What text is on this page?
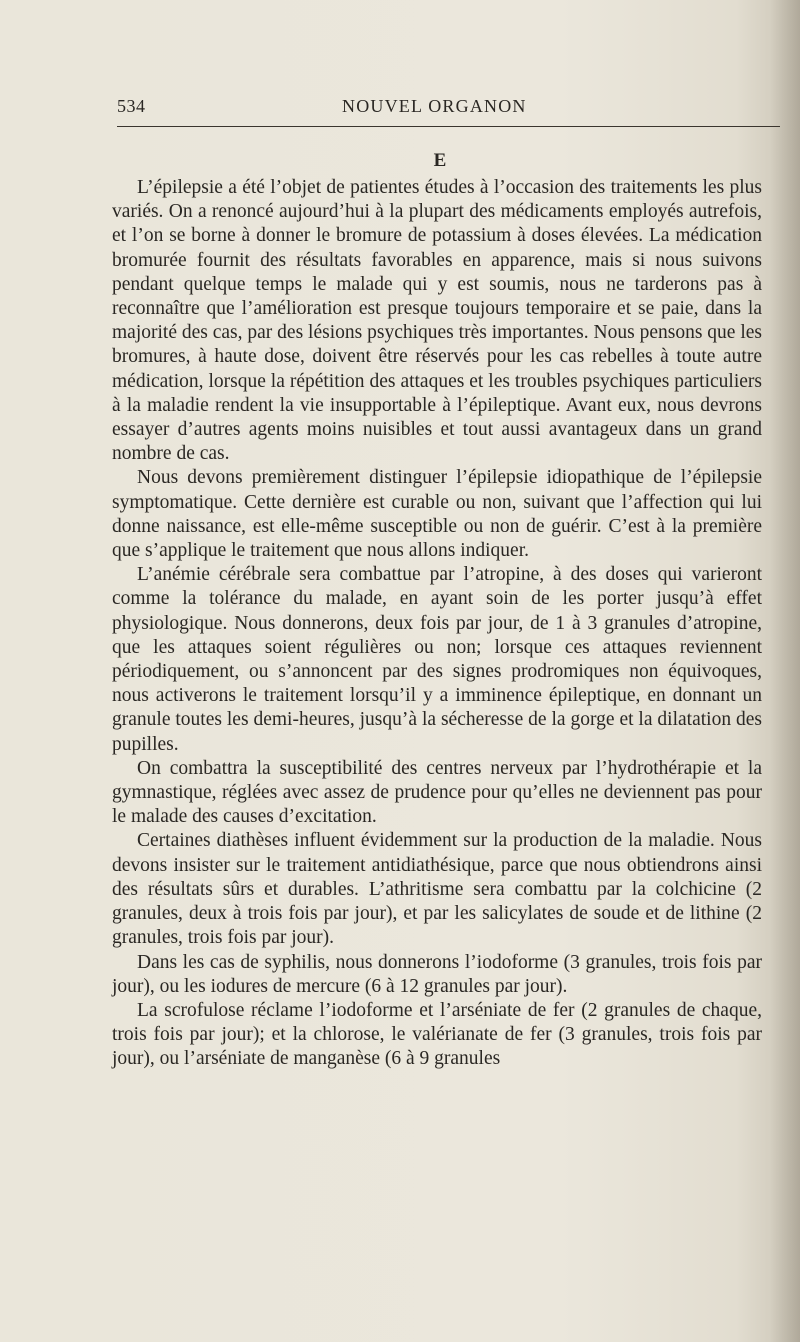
534	NOUVEL ORGANON
E

L’épilepsie a été l’objet de patientes études à l’occasion des traitements les plus variés. On a renoncé aujourd’hui à la plupart des médicaments employés autrefois, et l’on se borne à donner le bromure de potassium à doses élevées. La médication bromurée fournit des résultats favorables en apparence, mais si nous suivons pendant quelque temps le malade qui y est soumis, nous ne tarderons pas à reconnaître que l’amélioration est presque toujours temporaire et se paie, dans la majorité des cas, par des lésions psychiques très importantes. Nous pensons que les bromures, à haute dose, doivent être réservés pour les cas rebelles à toute autre médication, lorsque la répétition des attaques et les troubles psychiques particuliers à la maladie rendent la vie insupportable à l’épileptique. Avant eux, nous devrons essayer d’autres agents moins nuisibles et tout aussi avantageux dans un grand nombre de cas.

Nous devons premièrement distinguer l’épilepsie idiopathique de l’épilepsie symptomatique. Cette dernière est curable ou non, suivant que l’affection qui lui donne naissance, est elle-même susceptible ou non de guérir. C’est à la première que s’applique le traitement que nous allons indiquer.

L’anémie cérébrale sera combattue par l’atropine, à des doses qui varieront comme la tolérance du malade, en ayant soin de les porter jusqu’à effet physiologique. Nous donnerons, deux fois par jour, de 1 à 3 granules d’atropine, que les attaques soient régulières ou non; lorsque ces attaques reviennent périodiquement, ou s’annoncent par des signes prodromiques non équivoques, nous activerons le traitement lorsqu’il y a imminence épileptique, en donnant un granule toutes les demi-heures, jusqu’à la sécheresse de la gorge et la dilatation des pupilles.

On combattra la susceptibilité des centres nerveux par l’hydrothérapie et la gymnastique, réglées avec assez de prudence pour qu’elles ne deviennent pas pour le malade des causes d’excitation.

Certaines diathèses influent évidemment sur la production de la maladie. Nous devons insister sur le traitement antidiathésique, parce que nous obtiendrons ainsi des résultats sûrs et durables. L’athritisme sera combattu par la colchicine (2 granules, deux à trois fois par jour), et par les salicylates de soude et de lithine (2 granules, trois fois par jour).

Dans les cas de syphilis, nous donnerons l’iodoforme (3 granules, trois fois par jour), ou les iodures de mercure (6 à 12 granules par jour).

La scrofulose réclame l’iodoforme et l’arséniate de fer (2 granules de chaque, trois fois par jour); et la chlorose, le valérianate de fer (3 granules, trois fois par jour), ou l’arséniate de manganèse (6 à 9 granules
